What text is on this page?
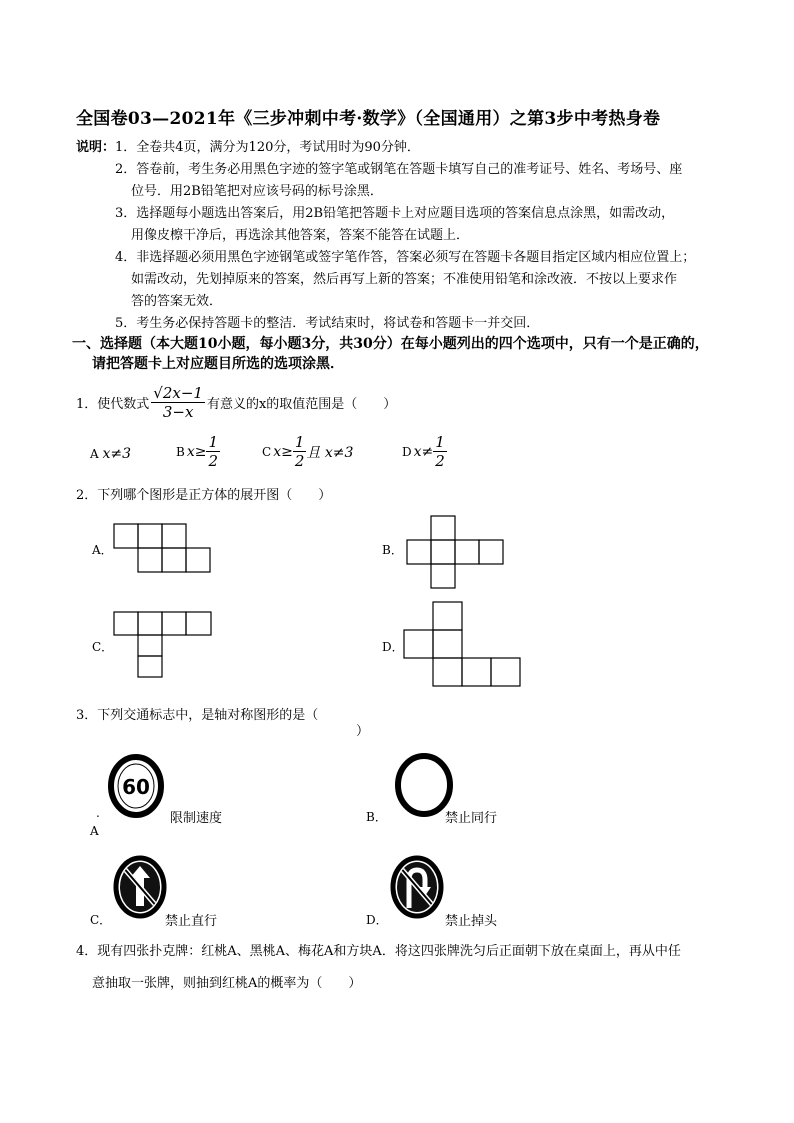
全国卷03—2021年《三步冲刺中考·数学》（全国通用）之第3步中考热身卷
说明： 1．全卷共4页，满分为120分，考试用时为90分钟．
2．答卷前，考生务必用黑色字迹的签字笔或钢笔在答题卡填写自己的准考证号、姓名、考场号、座
位号．用2B铅笔把对应该号码的标号涂黑．
3．选择题每小题选出答案后，用2B铅笔把答题卡上对应题目选项的答案信息点涂黑，如需改动，
用像皮檫干净后，再选涂其他答案，答案不能答在试题上．
4．非选择题必须用黑色字迹钢笔或签字笔作答，答案必须写在答题卡各题目指定区域内相应位置上；
如需改动，先划掉原来的答案，然后再写上新的答案；不准使用铅笔和涂改液．不按以上要求作
答的答案无效．
5．考生务必保持答题卡的整洁．考试结束时，将试卷和答题卡一并交回．
一、选择题（本大题10小题，每小题3分，共30分）在每小题列出的四个选项中，只有一个是正确的，
请把答题卡上对应题目所选的选项涂黑．
1．使代数式 $\frac{√2x-1}{3-x}$ 有意义的x的取值范围是（　　）
A x≠3	B $x\ge \frac{1}{2}$	C $x\ge \frac{1}{2}$ 且 x≠3	D $x\ne \frac{1}{2}$
2．下列哪个图形是正方体的展开图（　　）
A．	B．
C．	D．
3．下列交通标志中，是轴对称图形的是（
）
60
.
A
限制速度	B．	禁止同行
C．	禁止直行	D．	禁止掉头
4．现有四张扑克牌：红桃A、黑桃A、梅花A和方块A．将这四张牌洗匀后正面朝下放在桌面上，再从中任
意抽取一张牌，则抽到红桃A的概率为（　　）
